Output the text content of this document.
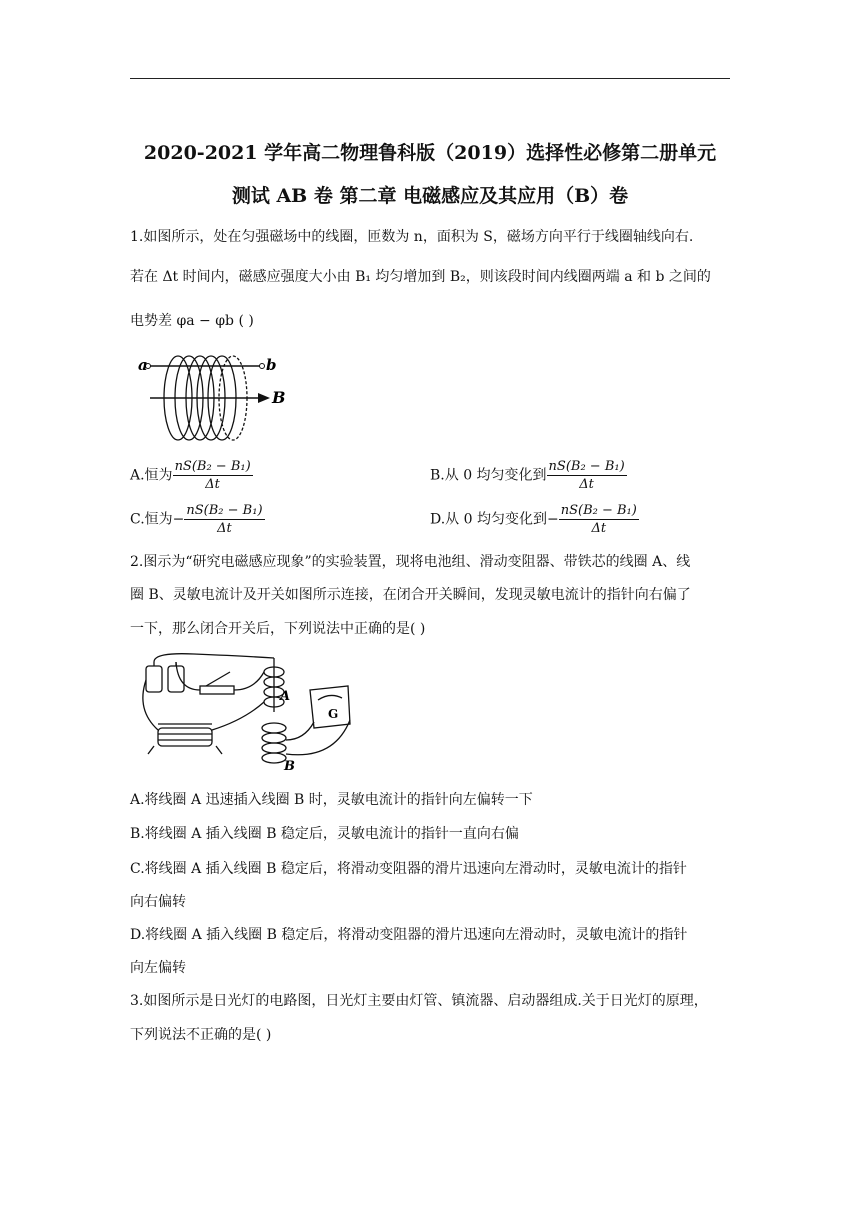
2020-2021 学年高二物理鲁科版（2019）选择性必修第二册单元
测试 AB 卷 第二章 电磁感应及其应用（B）卷
1.如图所示，处在匀强磁场中的线圈，匝数为 n，面积为 S，磁场方向平行于线圈轴线向右.
若在 Δt 时间内，磁感应强度大小由 B₁ 均匀增加到 B₂，则该段时间内线圈两端 a 和 b 之间的
电势差 φa − φb ( )
a	b
B
A.恒为 $\frac{\text{nS(B₂ − B₁)}}{\Delta t}$	B.从 0 均匀变化到 $\frac{\text{nS(B₂ − B₁)}}{\Delta t}$
C.恒为− $\frac{\text{nS(B₂ − B₁)}}{\Delta t}$	D.从 0 均匀变化到− $\frac{\text{nS(B₂ − B₁)}}{\Delta t}$
2.图示为“研究电磁感应现象”的实验装置，现将电池组、滑动变阻器、带铁芯的线圈 A、线
圈 B、灵敏电流计及开关如图所示连接，在闭合开关瞬间，发现灵敏电流计的指针向右偏了
一下，那么闭合开关后，下列说法中正确的是( )
A
B
G
A.将线圈 A 迅速插入线圈 B 时，灵敏电流计的指针向左偏转一下
B.将线圈 A 插入线圈 B 稳定后，灵敏电流计的指针一直向右偏
C.将线圈 A 插入线圈 B 稳定后，将滑动变阻器的滑片迅速向左滑动时，灵敏电流计的指针
向右偏转
D.将线圈 A 插入线圈 B 稳定后，将滑动变阻器的滑片迅速向左滑动时，灵敏电流计的指针
向左偏转
3.如图所示是日光灯的电路图，日光灯主要由灯管、镇流器、启动器组成.关于日光灯的原理，
下列说法不正确的是( )
